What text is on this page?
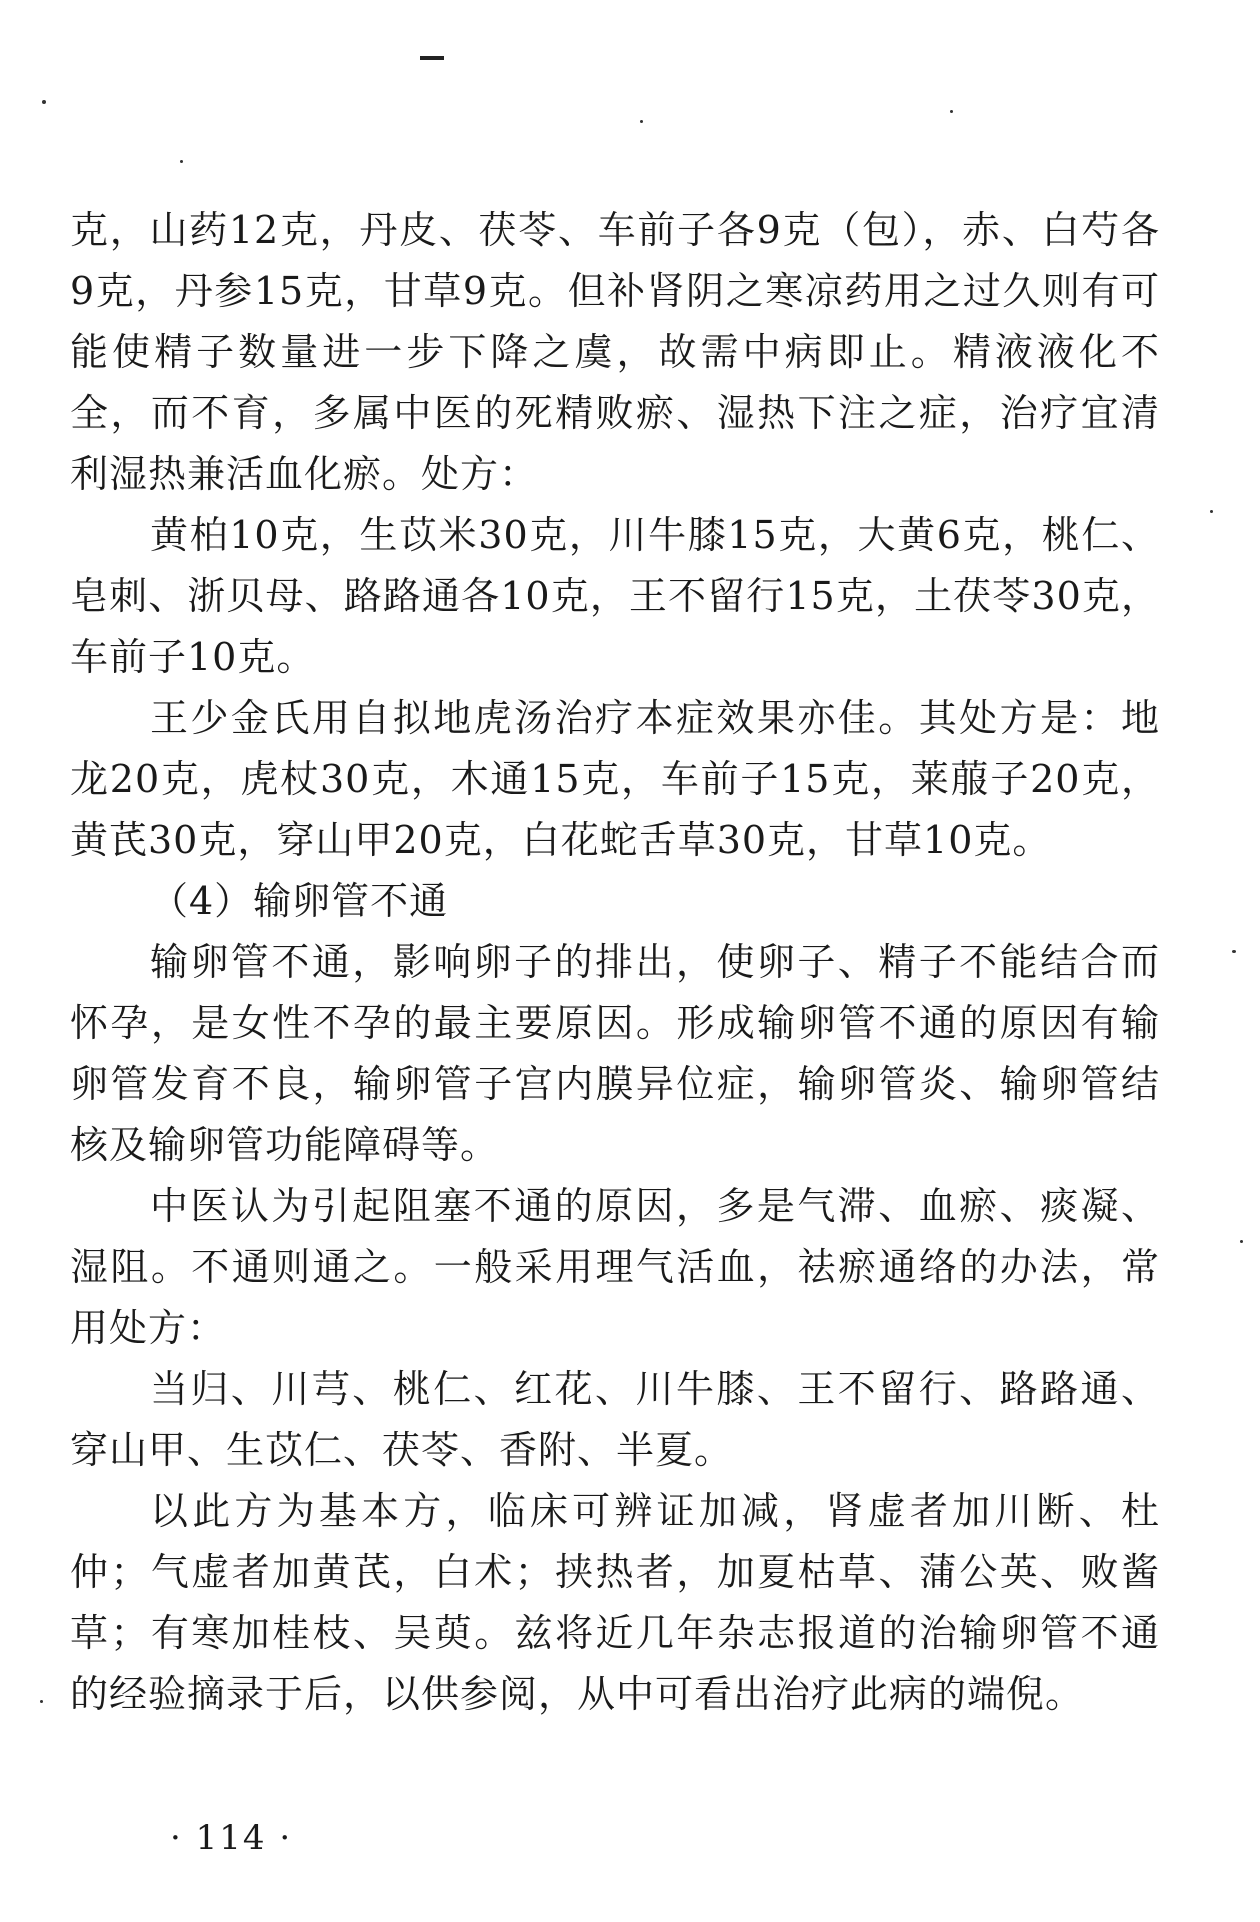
克，山药12克，丹皮、茯苓、车前子各9克（包），赤、白芍各9克，丹参15克，甘草9克。但补肾阴之寒凉药用之过久则有可能使精子数量进一步下降之虞，故需中病即止。精液液化不全，而不育，多属中医的死精败瘀、湿热下注之症，治疗宜清利湿热兼活血化瘀。处方：

黄柏10克，生苡米30克，川牛膝15克，大黄6克，桃仁、皂刺、浙贝母、路路通各10克，王不留行15克，土茯苓30克，车前子10克。

王少金氏用自拟地虎汤治疗本症效果亦佳。其处方是：地龙20克，虎杖30克，木通15克，车前子15克，莱菔子20克，黄芪30克，穿山甲20克，白花蛇舌草30克，甘草10克。

（4）输卵管不通

输卵管不通，影响卵子的排出，使卵子、精子不能结合而怀孕，是女性不孕的最主要原因。形成输卵管不通的原因有输卵管发育不良，输卵管子宫内膜异位症，输卵管炎、输卵管结核及输卵管功能障碍等。

中医认为引起阻塞不通的原因，多是气滞、血瘀、痰凝、湿阻。不通则通之。一般采用理气活血，祛瘀通络的办法，常用处方：

当归、川芎、桃仁、红花、川牛膝、王不留行、路路通、穿山甲、生苡仁、茯苓、香附、半夏。

以此方为基本方，临床可辨证加减，肾虚者加川断、杜仲；气虚者加黄芪，白术；挟热者，加夏枯草、蒲公英、败酱草；有寒加桂枝、吴萸。兹将近几年杂志报道的治输卵管不通的经验摘录于后，以供参阅，从中可看出治疗此病的端倪。

· 114 ·
